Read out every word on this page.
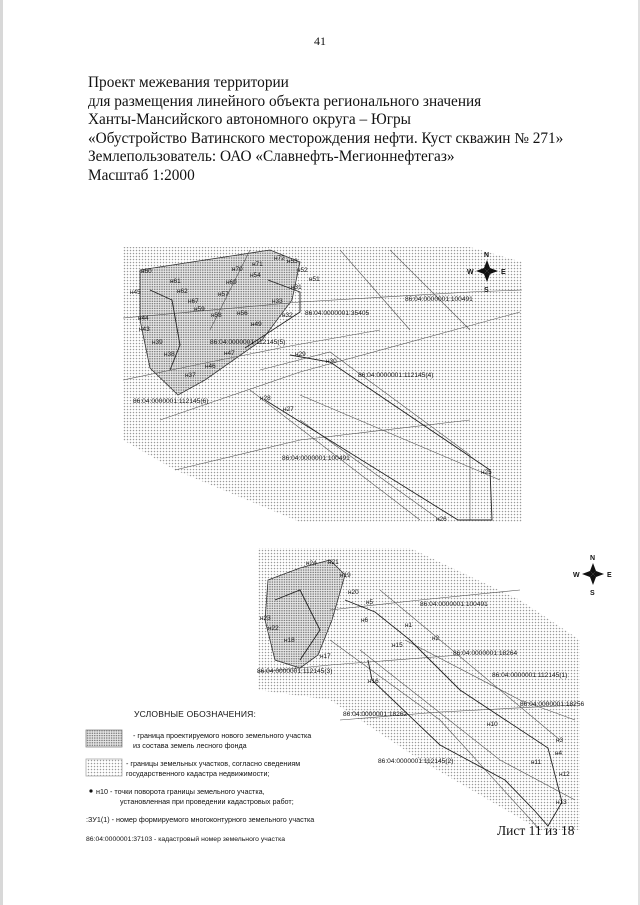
41
Проект межевания территории
для размещения линейного объекта регионального значения
Ханты-Мансийского автономного округа – Югры
«Обустройство Ватинского месторождения нефти. Куст скважин № 271»
Землепользователь: ОАО «Славнефть-Мегионнефтегаз»
Масштаб 1:2000
N
S
W	E
N
S
W	E
86:04:0000001:100491
86:04:0000001:35405
86:04:0000001:112145(5)
86:04:0000001:112145(4)
86:04:0000001:112145(6)
86:04:0000001:100491
86:04:0000001:100491
86:04:0000001:18264
86:04:0000001:112145(3)
86:04:0000001:112145(1)
86:04:0000001:18262
86:04:0000001:18256
86:04:0000001:112145(2)
н60
н61
н62
н67
н59
н58
н57
н56
н45
н44
н43
н39
н38
н37
н47
н46
н70
н71
н72 н53
н69
н54
н52
н51
н31
н33
н32
н49
н29
н30
н28
н27
н25
н26
н24 н21
н19
н20
н5
н6
н23
н22
н18
н1
н2
н17
н15
н16
н10
н3
н4
н11
н12
н13
УСЛОВНЫЕ ОБОЗНАЧЕНИЯ:
- граница проектируемого нового земельного участка
из состава земель лесного фонда
- границы земельных участков, согласно сведениям
государственного кадастра недвижимости;
н10 - точки поворота границы земельного участка,
установленная при проведении кадастровых работ;
:ЗУ1(1) - номер формируемого многоконтурного земельного участка
86:04:0000001:37103 - кадастровый номер земельного участка
Лист 11 из 18
